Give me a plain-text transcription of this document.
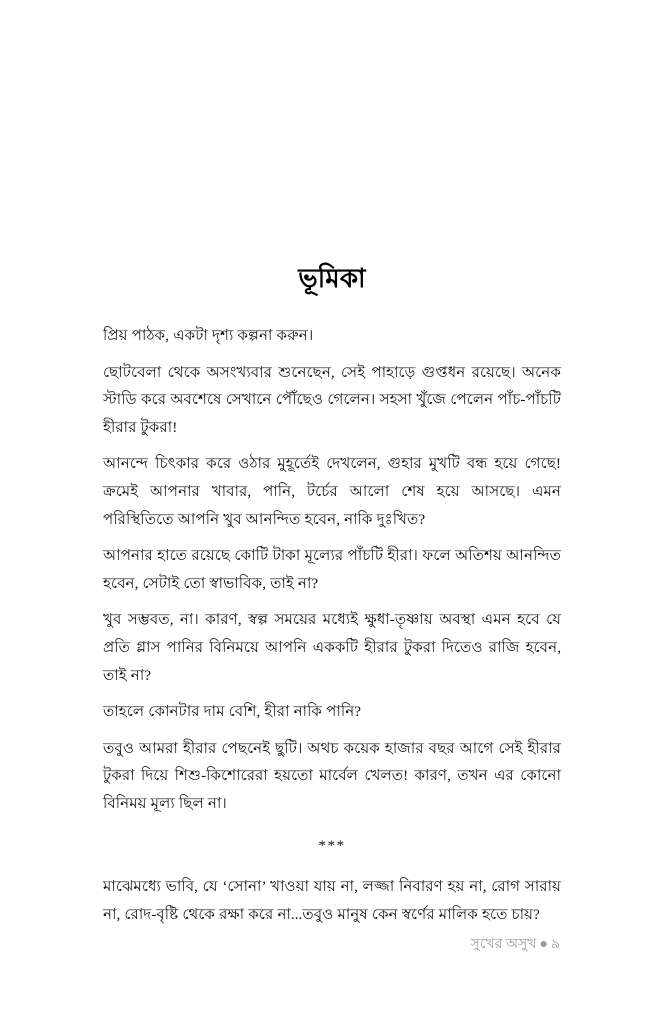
ভূমিকা

প্রিয় পাঠক, একটা দৃশ্য কল্পনা করুন।

ছোটবেলা থেকে অসংখ্যবার শুনেছেন, সেই পাহাড়ে গুপ্তধন রয়েছে। অনেক স্টাডি করে অবশেষে সেখানে পৌঁছেও গেলেন। সহসা খুঁজে পেলেন পাঁচ-পাঁচটি হীরার টুকরা!

আনন্দে চিৎকার করে ওঠার মুহূর্তেই দেখলেন, গুহার মুখটি বন্ধ হয়ে গেছে! ক্রমেই আপনার খাবার, পানি, টর্চের আলো শেষ হয়ে আসছে। এমন পরিস্থিতিতে আপনি খুব আনন্দিত হবেন, নাকি দুঃখিত?

আপনার হাতে রয়েছে কোটি টাকা মূল্যের পাঁচটি হীরা। ফলে অতিশয় আনন্দিত হবেন, সেটাই তো স্বাভাবিক, তাই না?

খুব সম্ভবত, না। কারণ, স্বল্প সময়ের মধ্যেই ক্ষুধা-তৃষ্ণায় অবস্থা এমন হবে যে প্রতি গ্লাস পানির বিনিময়ে আপনি এককটি হীরার টুকরা দিতেও রাজি হবেন, তাই না?

তাহলে কোনটার দাম বেশি, হীরা নাকি পানি?

তবুও আমরা হীরার পেছনেই ছুটি। অথচ কয়েক হাজার বছর আগে সেই হীরার টুকরা দিয়ে শিশু-কিশোরেরা হয়তো মার্বেল খেলত! কারণ, তখন এর কোনো বিনিময় মূল্য ছিল না।

***

মাঝেমধ্যে ভাবি, যে ‘সোনা’ খাওয়া যায় না, লজ্জা নিবারণ হয় না, রোগ সারায় না, রোদ-বৃষ্টি থেকে রক্ষা করে না...তবুও মানুষ কেন স্বর্ণের মালিক হতে চায়?

সুখের অসুখ ● ৯
